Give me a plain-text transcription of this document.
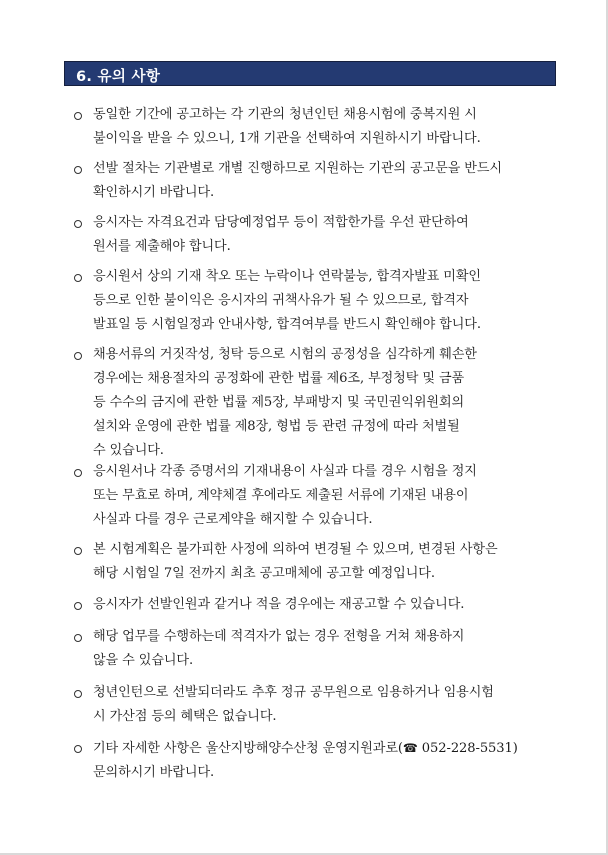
6. 유의 사항
동일한 기간에 공고하는 각 기관의 청년인턴 채용시험에 중복지원 시
불이익을 받을 수 있으니, 1개 기관을 선택하여 지원하시기 바랍니다.
선발 절차는 기관별로 개별 진행하므로 지원하는 기관의 공고문을 반드시
확인하시기 바랍니다.
응시자는 자격요건과 담당예정업무 등이 적합한가를 우선 판단하여
원서를 제출해야 합니다.
응시원서 상의 기재 착오 또는 누락이나 연락불능, 합격자발표 미확인
등으로 인한 불이익은 응시자의 귀책사유가 될 수 있으므로, 합격자
발표일 등 시험일정과 안내사항, 합격여부를 반드시 확인해야 합니다.
채용서류의 거짓작성, 청탁 등으로 시험의 공정성을 심각하게 훼손한
경우에는 채용절차의 공정화에 관한 법률 제6조, 부정청탁 및 금품
등 수수의 금지에 관한 법률 제5장, 부패방지 및 국민권익위원회의
설치와 운영에 관한 법률 제8장, 형법 등 관련 규정에 따라 처벌될
수 있습니다.
응시원서나 각종 증명서의 기재내용이 사실과 다를 경우 시험을 정지
또는 무효로 하며, 계약체결 후에라도 제출된 서류에 기재된 내용이
사실과 다를 경우 근로계약을 해지할 수 있습니다.
본 시험계획은 불가피한 사정에 의하여 변경될 수 있으며, 변경된 사항은
해당 시험일 7일 전까지 최초 공고매체에 공고할 예정입니다.
응시자가 선발인원과 같거나 적을 경우에는 재공고할 수 있습니다.
해당 업무를 수행하는데 적격자가 없는 경우 전형을 거쳐 채용하지
않을 수 있습니다.
청년인턴으로 선발되더라도 추후 정규 공무원으로 임용하거나 임용시험
시 가산점 등의 혜택은 없습니다.
기타 자세한 사항은 울산지방해양수산청 운영지원과로(☎ 052-228-5531)
문의하시기 바랍니다.
